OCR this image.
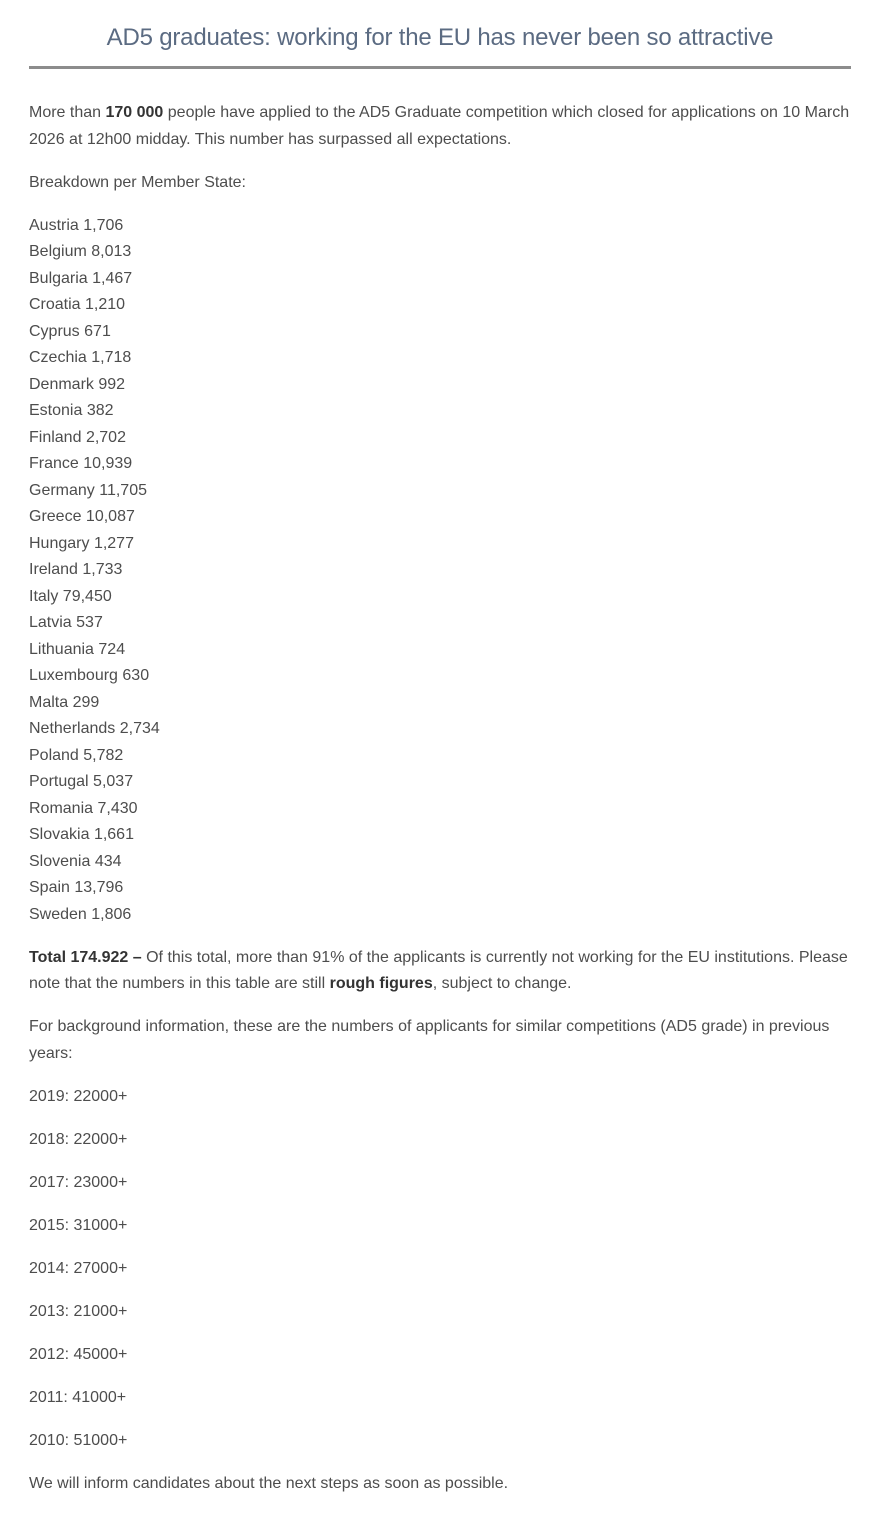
AD5 graduates: working for the EU has never been so attractive

More than 170 000 people have applied to the AD5 Graduate competition which closed for applications on 10 March 2026 at 12h00 midday. This number has surpassed all expectations.

Breakdown per Member State:

Austria 1,706
Belgium 8,013
Bulgaria 1,467
Croatia 1,210
Cyprus 671
Czechia 1,718
Denmark 992
Estonia 382
Finland 2,702
France 10,939
Germany 11,705
Greece 10,087
Hungary 1,277
Ireland 1,733
Italy 79,450
Latvia 537
Lithuania 724
Luxembourg 630
Malta 299
Netherlands 2,734
Poland 5,782
Portugal 5,037
Romania 7,430
Slovakia 1,661
Slovenia 434
Spain 13,796
Sweden 1,806

Total 174.922 – Of this total, more than 91% of the applicants is currently not working for the EU institutions. Please note that the numbers in this table are still rough figures, subject to change.

For background information, these are the numbers of applicants for similar competitions (AD5 grade) in previous years:

2019: 22000+

2018: 22000+

2017: 23000+

2015: 31000+

2014: 27000+

2013: 21000+

2012: 45000+

2011: 41000+

2010: 51000+

We will inform candidates about the next steps as soon as possible.
